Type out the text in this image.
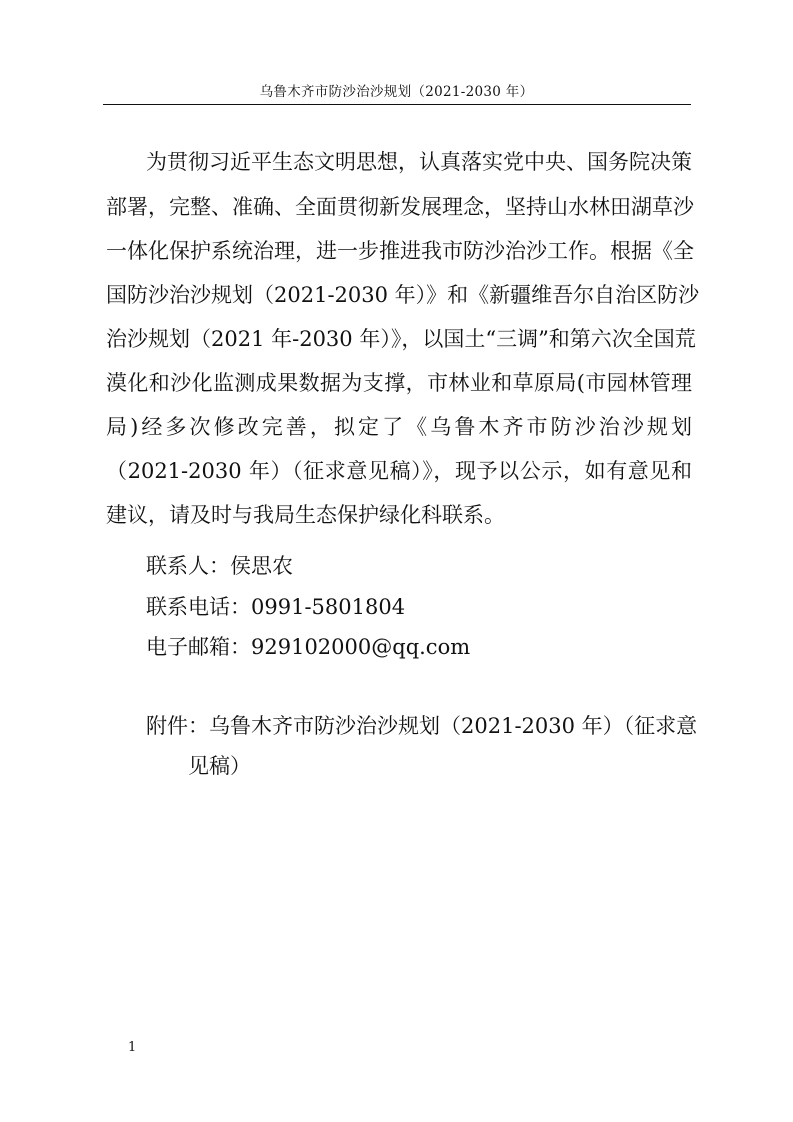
乌鲁木齐市防沙治沙规划（2021-2030 年）
为贯彻习近平生态文明思想，认真落实党中央、国务院决策
部署，完整、准确、全面贯彻新发展理念，坚持山水林田湖草沙
一体化保护系统治理，进一步推进我市防沙治沙工作。根据《全
国防沙治沙规划（2021-2030 年）》和《新疆维吾尔自治区防沙
治沙规划（2021 年-2030 年）》，以国土“三调”和第六次全国荒
漠化和沙化监测成果数据为支撑，市林业和草原局(市园林管理
局)经多次修改完善，拟定了《乌鲁木齐市防沙治沙规划
（2021-2030 年）（征求意见稿）》，现予以公示，如有意见和
建议，请及时与我局生态保护绿化科联系。
联系人：侯思农
联系电话：0991-5801804
电子邮箱：929102000@qq.com
附件：乌鲁木齐市防沙治沙规划（2021-2030 年）（征求意
见稿）
1
